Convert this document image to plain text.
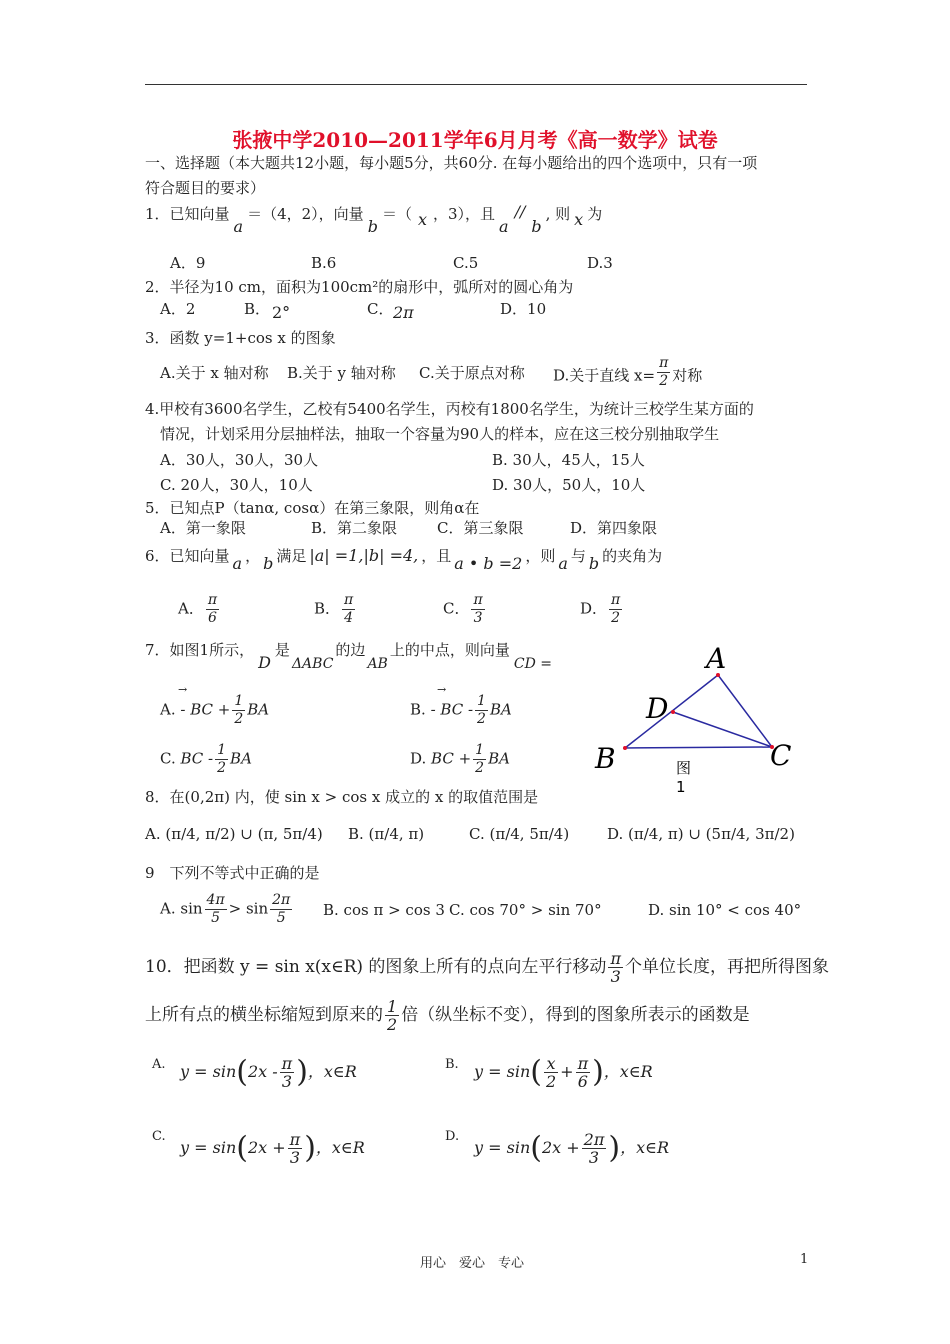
张掖中学2010—2011学年6月月考《高一数学》试卷
一、选择题（本大题共12小题，每小题5分，共60分. 在每小题给出的四个选项中，只有一项
符合题目的要求）
1．已知向量a＝（4，2），向量b＝（ x ，3），且a//b, 则 x 为
A．9	B.6	C.5	D.3
2．半径为10 cm，面积为100cm²的扇形中，弧所对的圆心角为
A．2	B． 2°	C． 2π	D．10
3．函数 y=1+cos x 的图象
A.关于 x 轴对称 B.关于 y 轴对称 C.关于原点对称 D.关于直线 $x= \frac{\pi}{2}$ 对称
4.甲校有3600名学生，乙校有5400名学生，丙校有1800名学生，为统计三校学生某方面的
情况，计划采用分层抽样法，抽取一个容量为90人的样本，应在这三校分别抽取学生
A．30人，30人，30人	B. 30人，45人，15人
C. 20人，30人，10人	D. 30人，50人，10人
5．已知点P（tanα, cosα）在第三象限，则角α在
A．第一象限	B．第二象限	C．第三象限	D．第四象限
6．已知向量 a ， b 满足 |a| =1,|b| =4, ，且 a • b =2 ，则 a 与 b 的夹角为
A． $\frac{\pi}{6}$	B． $\frac{\pi}{4}$	C． $\frac{\pi}{3}$	D． $\frac{\pi}{2}$
7．如图1所示，D是ΔABC的边AB上的中点，则向量CD =
→
A. - BC + $\frac{1}{2}$ BA
→
B. - BC - $\frac{1}{2}$ BA
C. BC - $\frac{1}{2}$ BA	D. BC + $\frac{1}{2}$ BA
A
D
B	C
图
1
8．在(0,2π) 内，使 sin x > cos x 成立的 x 的取值范围是
A. (π/4, π/2) ∪ (π, 5π/4) B. (π/4, π)	C. (π/4, 5π/4)	D. (π/4, π) ∪ (5π/4, 3π/2)
9　下列不等式中正确的是
A. $\sin \frac{4\pi}{5} > \sin \frac{2\pi}{5} B$. cos π > cos 3 C. cos 70° > sin 70°	D. sin 10° < cos 40°
10．把函数 y = sin x(x∈R) 的图象上所有的点向左平行移动 $\frac{\pi}{3}$ 个单位长度，再把所得图象
上所有点的横坐标缩短到原来的 $\frac{1}{2}$ 倍（纵坐标不变），得到的图象所表示的函数是
A. $y = \sin(2x - \frac{\pi}{3}$ )，x∈R	B. $y = \sin( \frac{x}{2} + \frac{\pi}{6}$ )，x∈R
C.
$y = \sin(2x + \frac{\pi}{3}$ )，x∈R
D.
$y = \sin(2x + \frac{2\pi}{3}$ )，x∈R
用心　爱心　专心	1
